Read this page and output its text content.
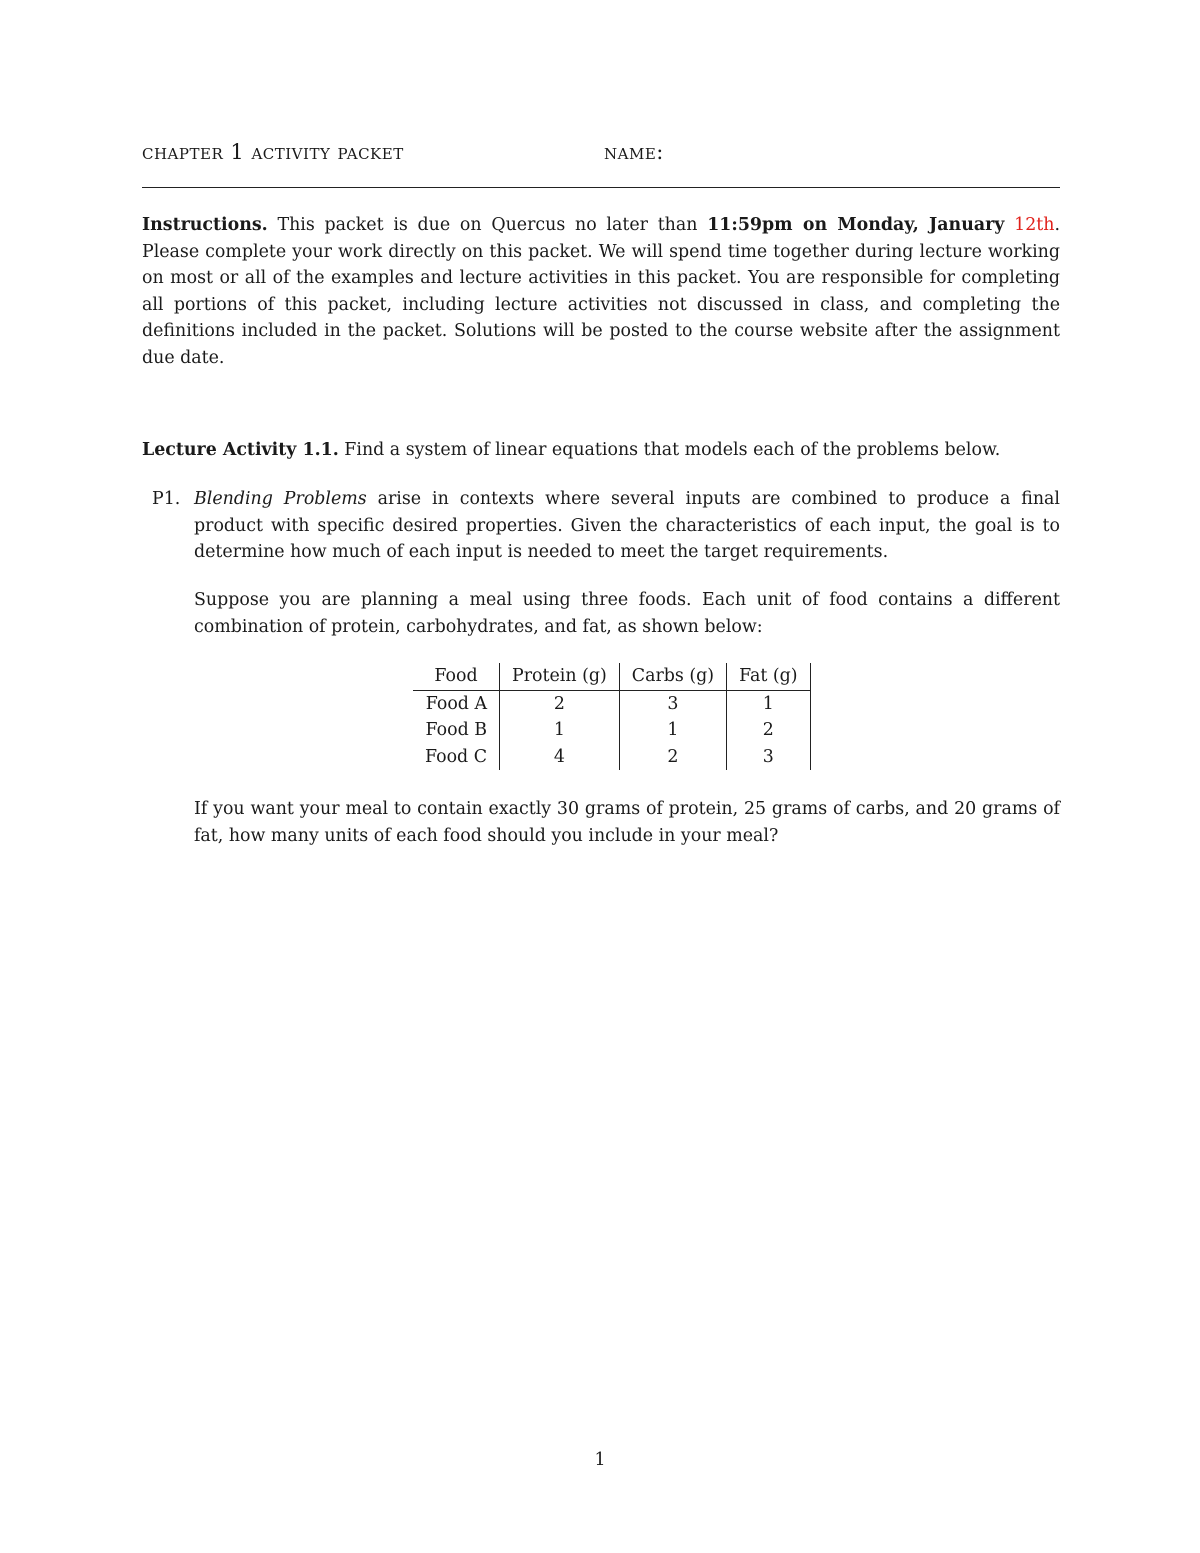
chapter 1 activity packet	name:
Instructions. This packet is due on Quercus no later than 11:59pm on Monday, January 12th. Please complete your work directly on this packet. We will spend time together during lecture working on most or all of the examples and lecture activities in this packet. You are responsible for completing all portions of this packet, including lecture activities not discussed in class, and completing the definitions included in the packet. Solutions will be posted to the course website after the assignment due date.
Lecture Activity 1.1. Find a system of linear equations that models each of the problems below.
P1. Blending Problems arise in contexts where several inputs are combined to produce a final product with specific desired properties. Given the characteristics of each input, the goal is to determine how much of each input is needed to meet the target requirements.

Suppose you are planning a meal using three foods. Each unit of food contains a different combination of protein, carbohydrates, and fat, as shown below:
Food	Protein (g)	Carbs (g)	Fat (g)
Food A	2	3	1
Food B	1	1	2
Food C	4	2	3
If you want your meal to contain exactly 30 grams of protein, 25 grams of carbs, and 20 grams of fat, how many units of each food should you include in your meal?
1
